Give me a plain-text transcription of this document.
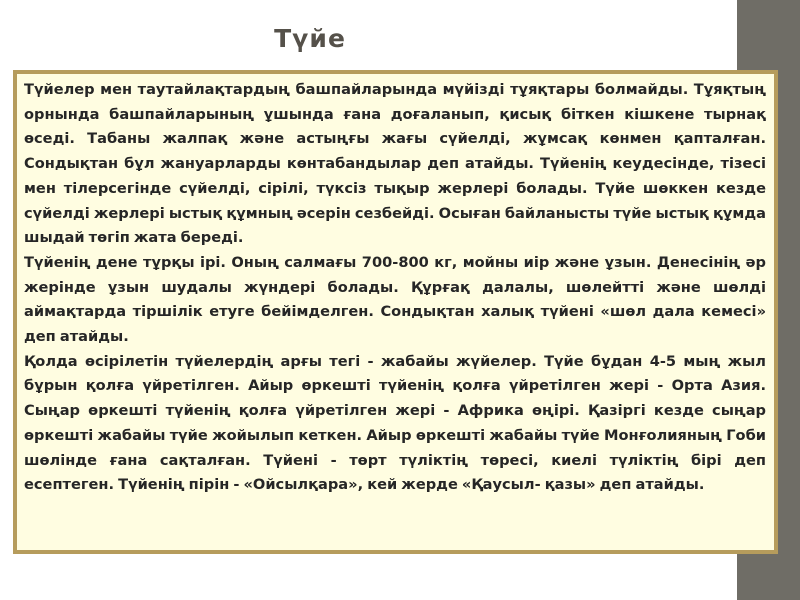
Түйе

Түйелер мен таутайлақтардың башпайларында мүйізді тұяқтары болмайды. Тұяқтың орнында башпайларының ұшында ғана доғаланып, қисық біткен кішкене тырнақ өседі. Табаны жалпақ және астыңғы жағы сүйелді, жұмсақ көнмен қапталған. Сондықтан бұл жануарларды көнтабандылар деп атайды. Түйенің кеудесінде, тізесі мен тілерсегінде сүйелді, сірілі, түксіз тықыр жерлері болады. Түйе шөккен кезде сүйелді жерлері ыстық құмның әсерін сезбейді. Осыған байланысты түйе ыстық құмда шыдай төгіп жата береді.

Түйенің дене тұрқы ірі. Оның салмағы 700-800 кг, мойны иір және ұзын. Денесінің әр жерінде ұзын шудалы жүндері болады. Құрғақ далалы, шөлейтті және шөлді аймақтарда тіршілік етуге бейімделген. Сондықтан халық түйені «шөл дала кемесі» деп атайды.

Қолда өсірілетін түйелердің арғы тегі - жабайы жүйелер. Түйе бұдан 4-5 мың жыл бұрын қолға үйретілген. Айыр өркешті түйенің қолға үйретілген жері - Орта Азия. Сыңар өркешті түйенің қолға үйретілген жері - Африка өңірі. Қазіргі кезде сыңар өркешті жабайы түйе жойылып кеткен. Айыр өркешті жабайы түйе Монғолияның Гоби шөлінде ғана сақталған. Түйені - төрт түліктің төресі, киелі түліктің бірі деп есептеген. Түйенің пірін - «Ойсылқара», кей жерде «Қаусыл- қазы» деп атайды.
